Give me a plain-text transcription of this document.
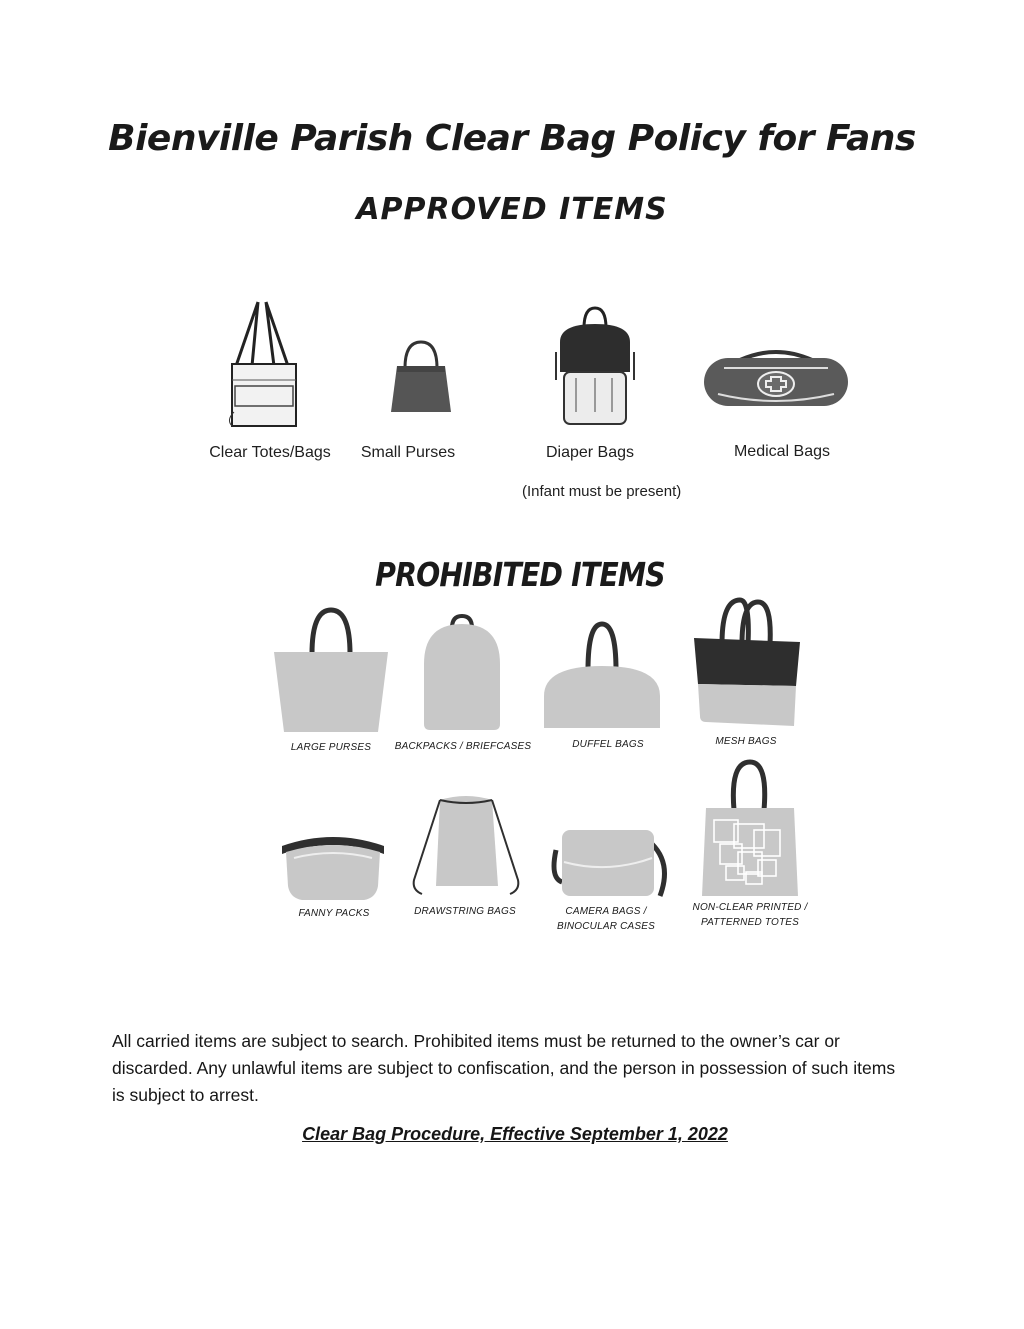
Bienville Parish Clear Bag Policy for Fans
APPROVED ITEMS
Clear Totes/Bags	Small Purses	Diaper Bags	Medical Bags
(Infant must be present)
PROHIBITED ITEMS
LARGE PURSES	BACKPACKS / BRIEFCASES	DUFFEL BAGS	MESH BAGS
FANNY PACKS	DRAWSTRING BAGS	CAMERA BAGS /
BINOCULAR CASES
NON-CLEAR PRINTED /
PATTERNED TOTES
All carried items are subject to search. Prohibited items must be returned to the owner’s car or discarded. Any unlawful items are subject to confiscation, and the person in possession of such items is subject to arrest.
Clear Bag Procedure, Effective September 1, 2022
